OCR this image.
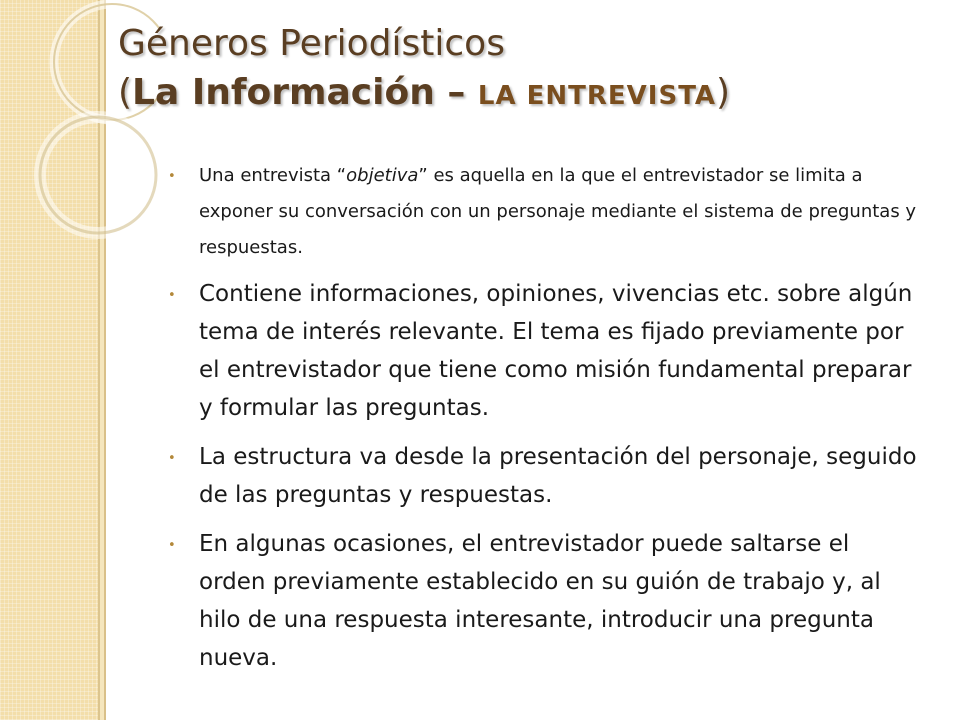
Géneros Periodísticos
(La Información – LA ENTREVISTA)
• Una entrevista “objetiva” es aquella en la que el entrevistador se limita a exponer su conversación con un personaje mediante el sistema de preguntas y respuestas.
• Contiene informaciones, opiniones, vivencias etc. sobre algún tema de interés relevante. El tema es fijado previamente por el entrevistador que tiene como misión fundamental preparar y formular las preguntas.
• La estructura va desde la presentación del personaje, seguido de las preguntas y respuestas.
• En algunas ocasiones, el entrevistador puede saltarse el orden previamente establecido en su guión de trabajo y, al hilo de una respuesta interesante, introducir una pregunta nueva.
